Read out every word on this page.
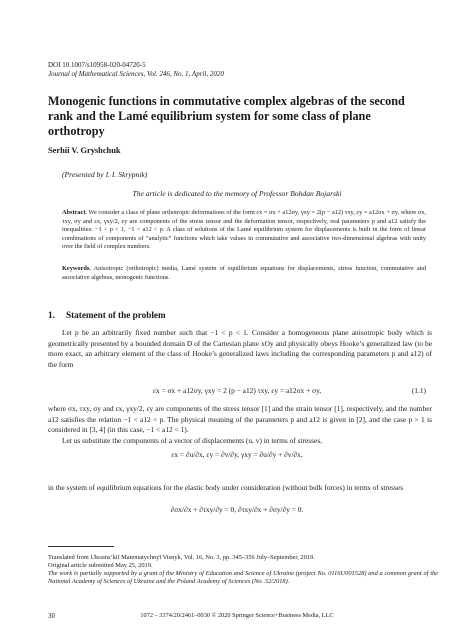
DOI 10.1007/s10958-020-04720-5
Journal of Mathematical Sciences, Vol. 246, No. 1, April, 2020
Monogenic functions in commutative complex algebras of the second rank and the Lamé equilibrium system for some class of plane orthotropy
Serhii V. Gryshchuk
(Presented by I. I. Skrypnik)
The article is dedicated to the memory of Professor Bohdan Bojarski
Abstract. We consider a class of plane orthotropic deformations of the form εx = σx + a12σy, γxy = 2(p − a12) τxy, εy = a12σx + σy, where σx, τxy, σy and εx, γxy/2, εy are components of the stress tensor and the deformation tensor, respectively, real parameters p and a12 satisfy the inequalities: −1 < p < 1, −1 < a12 < p. A class of solutions of the Lamé equilibrium system for displacements is built in the form of linear combinations of components of “analytic” functions which take values in commutative and associative two-dimensional algebras with unity over the field of complex numbers.
Keywords. Anisotropic (orthotropic) media, Lamé system of equilibrium equations for displacements, stress function, commutative and associative algebras, monogenic functions.
1. Statement of the problem
Let p be an arbitrarily fixed number such that −1 < p < 1. Consider a homogeneous plane anisotropic body which is geometrically presented by a bounded domain D of the Cartesian plane xOy and physically obeys Hooke’s generalized law (to be more exact, an arbitrary element of the class of Hooke’s generalized laws including the corresponding parameters p and a12) of the form
εx = σx + a12σy, γxy = 2 (p − a12) τxy, εy = a12σx + σy,	(1.1)
where σx, τxy, σy and εx, γxy/2, εy are components of the stress tensor [1] and the strain tensor [1], respectively, and the number a12 satisfies the relation −1 < a12 < p. The physical meaning of the parameters p and a12 is given in [2], and the case p > 1 is considered in [3, 4] (in this case, −1 < a12 < 1).
Let us substitute the components of a vector of displacements (u, v) in terms of stresses,
εx = ∂u/∂x, εy = ∂v/∂y, γxy = ∂u/∂y + ∂v/∂x,
in the system of equilibrium equations for the elastic body under consideration (without bulk forces) in terms of stresses
∂σx/∂x + ∂τxy/∂y = 0, ∂τxy/∂x + ∂σy/∂y = 0.
Translated from Ukrains’kiĭ Matematychnyĭ Visnyk, Vol. 16, No. 3, pp. 345–356 July–September, 2019.
Original article submitted May 25, 2019.
The work is partially supported by a grant of the Ministry of Education and Science of Ukraine (project No. 0116U001528) and a common grant of the National Academy of Sciences of Ukraine and the Poland Academy of Sciences (No. 32/2018).
30	1072 – 3374/20/2461–0030 © 2020 Springer Science+Business Media, LLC
